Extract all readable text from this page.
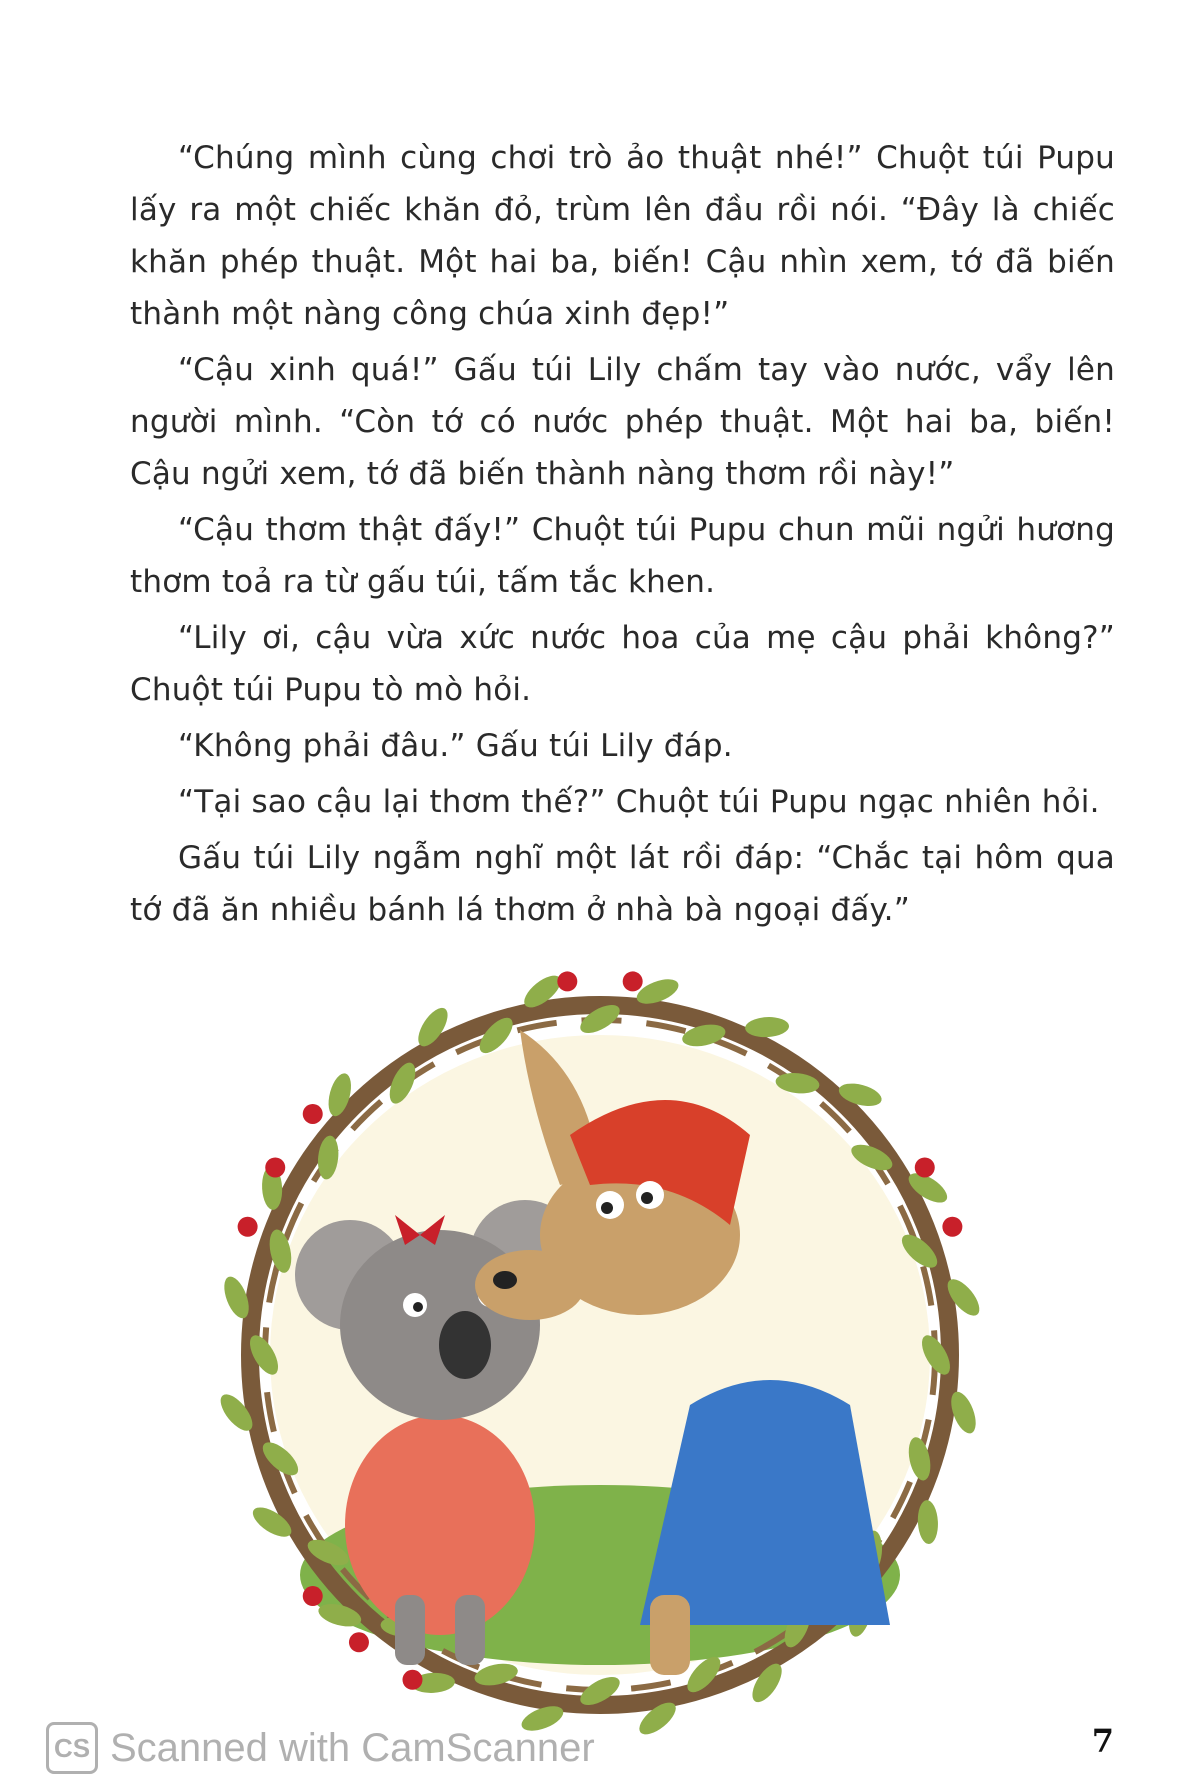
“Chúng mình cùng chơi trò ảo thuật nhé!” Chuột túi Pupu lấy ra một chiếc khăn đỏ, trùm lên đầu rồi nói. “Đây là chiếc khăn phép thuật. Một hai ba, biến! Cậu nhìn xem, tớ đã biến thành một nàng công chúa xinh đẹp!”

“Cậu xinh quá!” Gấu túi Lily chấm tay vào nước, vẩy lên người mình. “Còn tớ có nước phép thuật. Một hai ba, biến! Cậu ngửi xem, tớ đã biến thành nàng thơm rồi này!”

“Cậu thơm thật đấy!” Chuột túi Pupu chun mũi ngửi hương thơm toả ra từ gấu túi, tấm tắc khen.

“Lily ơi, cậu vừa xức nước hoa của mẹ cậu phải không?” Chuột túi Pupu tò mò hỏi.

“Không phải đâu.” Gấu túi Lily đáp.

“Tại sao cậu lại thơm thế?” Chuột túi Pupu ngạc nhiên hỏi.

Gấu túi Lily ngẫm nghĩ một lát rồi đáp: “Chắc tại hôm qua tớ đã ăn nhiều bánh lá thơm ở nhà bà ngoại đấy.”

CS Scanned with CamScanner	7
